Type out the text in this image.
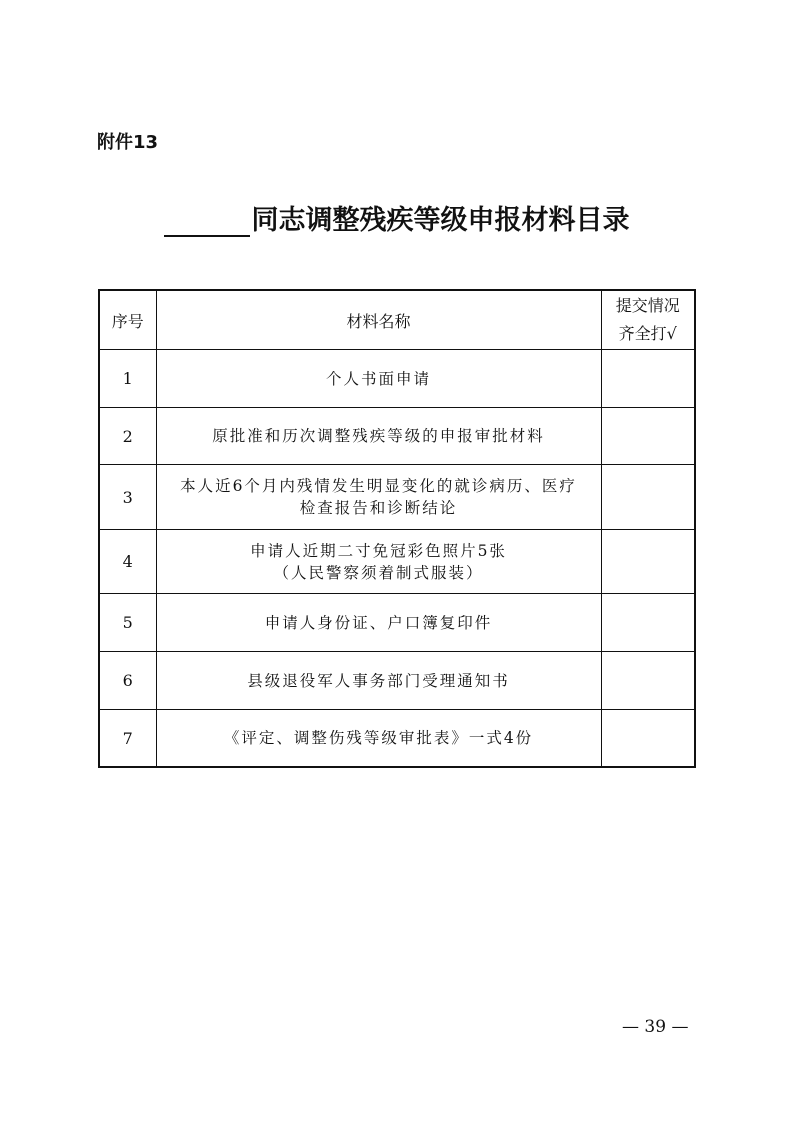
附件13
同志调整残疾等级申报材料目录
序号	材料名称	提交情况
齐全打√

1	个人书面申请	

2	原批准和历次调整残疾等级的申报审批材料	

3	本人近6个月内残情发生明显变化的就诊病历、医疗
检查报告和诊断结论	

4	申请人近期二寸免冠彩色照片5张
（人民警察须着制式服装）	

5	申请人身份证、户口簿复印件	

6	县级退役军人事务部门受理通知书	

7	《评定、调整伤残等级审批表》一式4份	

— 39 —
